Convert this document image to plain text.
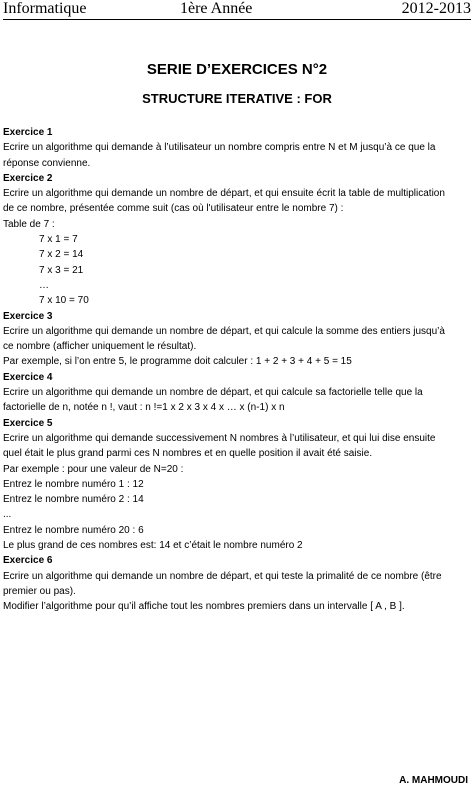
Informatique	1ère Année	2012-2013
SERIE D’EXERCICES N°2
STRUCTURE ITERATIVE : FOR
Exercice 1
Ecrire un algorithme qui demande à l’utilisateur un nombre compris entre N et M jusqu’à ce que la
réponse convienne.
Exercice 2
Ecrire un algorithme qui demande un nombre de départ, et qui ensuite écrit la table de multiplication
de ce nombre, présentée comme suit (cas où l'utilisateur entre le nombre 7) :
Table de 7 :
7 x 1 = 7
7 x 2 = 14
7 x 3 = 21
…
7 x 10 = 70
Exercice 3
Ecrire un algorithme qui demande un nombre de départ, et qui calcule la somme des entiers jusqu’à
ce nombre (afficher uniquement le résultat).
Par exemple, si l’on entre 5, le programme doit calculer : 1 + 2 + 3 + 4 + 5 = 15
Exercice 4
Ecrire un algorithme qui demande un nombre de départ, et qui calcule sa factorielle telle que la
factorielle de n, notée n !, vaut : n !=1 x 2 x 3 x 4 x … x (n-1) x n
Exercice 5
Ecrire un algorithme qui demande successivement N nombres à l’utilisateur, et qui lui dise ensuite
quel était le plus grand parmi ces N nombres et en quelle position il avait été saisie.
Par exemple : pour une valeur de N=20 :
Entrez le nombre numéro 1 : 12
Entrez le nombre numéro 2 : 14
...
Entrez le nombre numéro 20 : 6
Le plus grand de ces nombres est: 14 et c’était le nombre numéro 2
Exercice 6
Ecrire un algorithme qui demande un nombre de départ, et qui teste la primalité de ce nombre (être
premier ou pas).
Modifier l’algorithme pour qu’il affiche tout les nombres premiers dans un intervalle [ A , B ].
A. MAHMOUDI
